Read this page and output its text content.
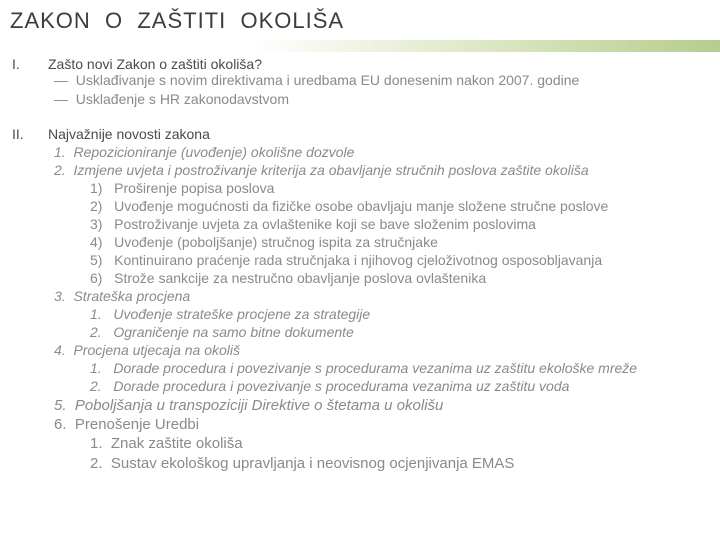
ZAKON  O  ZAŠTITI  OKOLIŠA
I. Zašto novi Zakon o zaštiti okoliša?
—  Usklađivanje s novim direktivama i uredbama EU donesenim nakon 2007. godine
—  Usklađenje s HR zakonodavstvom
II. Najvažnije novosti zakona
1. Repozicioniranje (uvođenje) okolišne dozvole
2. Izmjene uvjeta i postroživanje kriterija za obavljanje stručnih poslova zaštite okoliša
1) Proširenje popisa poslova
2) Uvođenje mogućnosti da fizičke osobe obavljaju manje složene stručne poslove
3) Postroživanje uvjeta za ovlaštenike koji se bave složenim poslovima
4) Uvođenje (poboljšanje) stručnog ispita za stručnjake
5) Kontinuirano praćenje rada stručnjaka i njihovog cjeloživotnog osposobljavanja
6) Strože sankcije za nestručno obavljanje poslova ovlaštenika
3. Strateška procjena
1. Uvođenje strateške procjene za strategije
2. Ograničenje na samo bitne dokumente
4. Procjena utjecaja na okoliš
1. Dorade procedura i povezivanje s procedurama vezanima uz zaštitu ekološke mreže
2. Dorade procedura i povezivanje s procedurama vezanima uz zaštitu voda
5. Poboljšanja u transpoziciji Direktive o štetama u okolišu
6. Prenošenje Uredbi
1. Znak zaštite okoliša
2. Sustav ekološkog upravljanja i neovisnog ocjenjivanja EMAS
